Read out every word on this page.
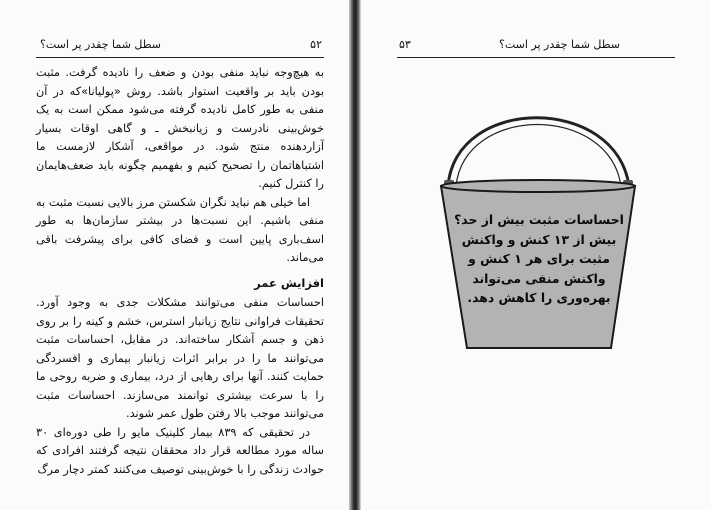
۵۲
سطل شما چقدر پر است؟

به هیچ‌وجه نباید منفی بودن و ضعف را نادیده گرفت. مثبت بودن باید بر واقعیت استوار باشد. روش «پولیانا»که در آن منفی به طور کامل نادیده گرفته می‌شود ممکن است به یک خوش‌بینی نادرست و زیانبخش ـ و گاهی اوقات بسیار آزاردهنده منتج شود. در مواقعی، آشکار لازمست ما اشتباهاتمان را تصحیح کنیم و بفهمیم چگونه باید ضعف‌هایمان را کنترل کنیم.

اما خیلی هم نباید نگران شکستن مرز بالایی نسبت مثبت به منفی باشیم. این نسبت‌ها در بیشتر سازمان‌ها به طور اسف‌باری پایین است و فضای کافی برای پیشرفت باقی می‌ماند.

افزایش عمر

احساسات منفی می‌توانند مشکلات جدی به وجود آورد. تحقیقات فراوانی نتایج زیانبار استرس، خشم و کینه را بر روی ذهن و جسم آشکار ساخته‌اند. در مقابل، احساسات مثبت می‌توانند ما را در برابر اثرات زیانبار بیماری و افسردگی حمایت کنند. آنها برای رهایی از درد، بیماری و ضربه روحی ما را با سرعت بیشتری توانمند می‌سازند. احساسات مثبت می‌توانند موجب بالا رفتن طول عمر شوند.

در تحقیقی که ۸۳۹ بیمار کلینیک مایو را طی دوره‌ای ۳۰ ساله مورد مطالعه قرار داد محققان نتیجه گرفتند افرادی که حوادث زندگی را با خوش‌بینی توصیف می‌کنند کمتر دچار مرگ

۵۳	سطل شما چقدر پر است؟
احساسات مثبت بیش از حد؟
بیش از ۱۳ کنش و واکنش
مثبت برای هر ۱ کنش و
واکنش منفی می‌تواند
بهره‌وری را کاهش دهد.
